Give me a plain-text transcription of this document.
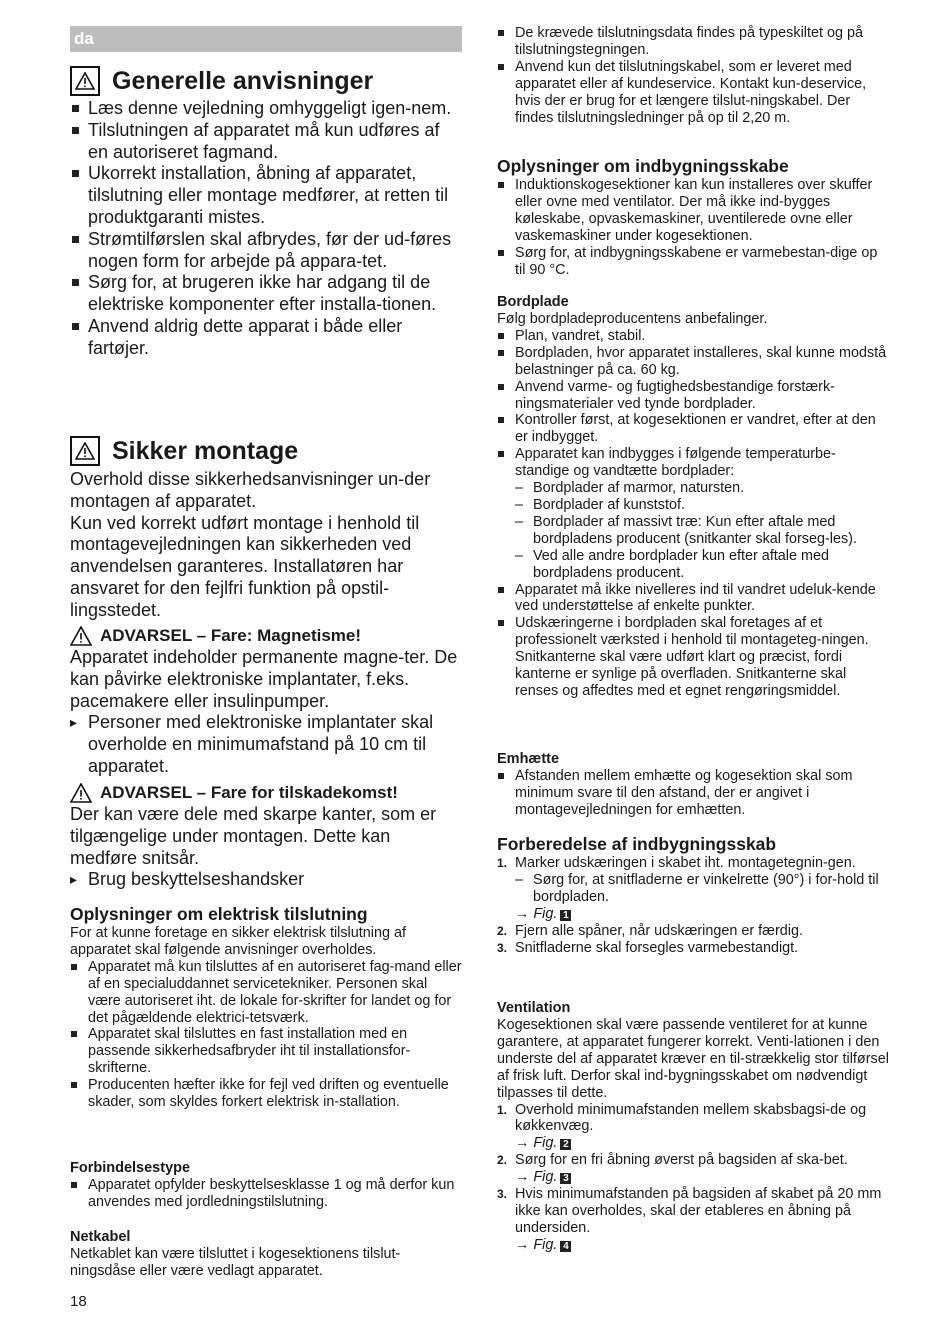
da
Generelle anvisninger
Læs denne vejledning omhyggeligt igen-nem.
Tilslutningen af apparatet må kun udføres af en autoriseret fagmand.
Ukorrekt installation, åbning af apparatet, tilslutning eller montage medfører, at retten til produktgaranti mistes.
Strømtilførslen skal afbrydes, før der ud-føres nogen form for arbejde på appara-tet.
Sørg for, at brugeren ikke har adgang til de elektriske komponenter efter installa-tionen.
Anvend aldrig dette apparat i både eller fartøjer.
Sikker montage
Overhold disse sikkerhedsanvisninger un-der montagen af apparatet.
Kun ved korrekt udført montage i henhold til montagevejledningen kan sikkerheden ved anvendelsen garanteres. Installatøren har ansvaret for den fejlfri funktion på opstil-lingsstedet.
ADVARSEL – Fare: Magnetisme!
Apparatet indeholder permanente magne-ter. De kan påvirke elektroniske implantater, f.eks. pacemakere eller insulinpumper.
▸ Personer med elektroniske implantater skal overholde en minimumafstand på 10 cm til apparatet.
ADVARSEL – Fare for tilskadekomst!
Der kan være dele med skarpe kanter, som er tilgængelige under montagen. Dette kan medføre snitsår.
▸ Brug beskyttelseshandsker
Oplysninger om elektrisk tilslutning
For at kunne foretage en sikker elektrisk tilslutning af apparatet skal følgende anvisninger overholdes.
Apparatet må kun tilsluttes af en autoriseret fag-mand eller af en specialuddannet servicetekniker. Personen skal være autoriseret iht. de lokale for-skrifter for landet og for det pågældende elektrici-tetsværk.
Apparatet skal tilsluttes en fast installation med en passende sikkerhedsafbryder iht til installationsfor-skrifterne.
Producenten hæfter ikke for fejl ved driften og eventuelle skader, som skyldes forkert elektrisk in-stallation.
Forbindelsestype
Apparatet opfylder beskyttelsesklasse 1 og må derfor kun anvendes med jordledningstilslutning.
Netkabel
Netkablet kan være tilsluttet i kogesektionens tilslut-ningsdåse eller være vedlagt apparatet.
De krævede tilslutningsdata findes på typeskiltet og på tilslutningstegningen.
Anvend kun det tilslutningskabel, som er leveret med apparatet eller af kundeservice. Kontakt kun-deservice, hvis der er brug for et længere tilslut-ningskabel. Der findes tilslutningsledninger på op til 2,20 m.
Oplysninger om indbygningsskabe
Induktionskogesektioner kan kun installeres over skuffer eller ovne med ventilator. Der må ikke ind-bygges køleskabe, opvaskemaskiner, uventilerede ovne eller vaskemaskiner under kogesektionen.
Sørg for, at indbygningsskabene er varmebestan-dige op til 90 °C.
Bordplade
Følg bordpladeproducentens anbefalinger.
Plan, vandret, stabil.
Bordpladen, hvor apparatet installeres, skal kunne modstå belastninger på ca. 60 kg.
Anvend varme- og fugtighedsbestandige forstærk-ningsmaterialer ved tynde bordplader.
Kontroller først, at kogesektionen er vandret, efter at den er indbygget.
Apparatet kan indbygges i følgende temperaturbe-standige og vandtætte bordplader:
– Bordplader af marmor, natursten.
– Bordplader af kunststof.
– Bordplader af massivt træ: Kun efter aftale med bordpladens producent (snitkanter skal forseg-les).
– Ved alle andre bordplader kun efter aftale med bordpladens producent.
Apparatet må ikke nivelleres ind til vandret udeluk-kende ved understøttelse af enkelte punkter.
Udskæringerne i bordpladen skal foretages af et professionelt værksted i henhold til montageteg-ningen. Snitkanterne skal være udført klart og præcist, fordi kanterne er synlige på overfladen. Snitkanterne skal renses og affedtes med et egnet rengøringsmiddel.
Emhætte
Afstanden mellem emhætte og kogesektion skal som minimum svare til den afstand, der er angivet i montagevejledningen for emhætten.
Forberedelse af indbygningsskab
1. Marker udskæringen i skabet iht. montagetegnin-gen.
– Sørg for, at snitfladerne er vinkelrette (90°) i for-hold til bordpladen.
→ Fig. 1
2. Fjern alle spåner, når udskæringen er færdig.
3. Snitfladerne skal forsegles varmebestandigt.
Ventilation
Kogesektionen skal være passende ventileret for at kunne garantere, at apparatet fungerer korrekt. Venti-lationen i den underste del af apparatet kræver en til-strækkelig stor tilførsel af frisk luft. Derfor skal ind-bygningsskabet om nødvendigt tilpasses til dette.
1. Overhold minimumafstanden mellem skabsbagsi-de og køkkenvæg.
→ Fig. 2
2. Sørg for en fri åbning øverst på bagsiden af ska-bet.
→ Fig. 3
3. Hvis minimumafstanden på bagsiden af skabet på 20 mm ikke kan overholdes, skal der etableres en åbning på undersiden.
→ Fig. 4
18
